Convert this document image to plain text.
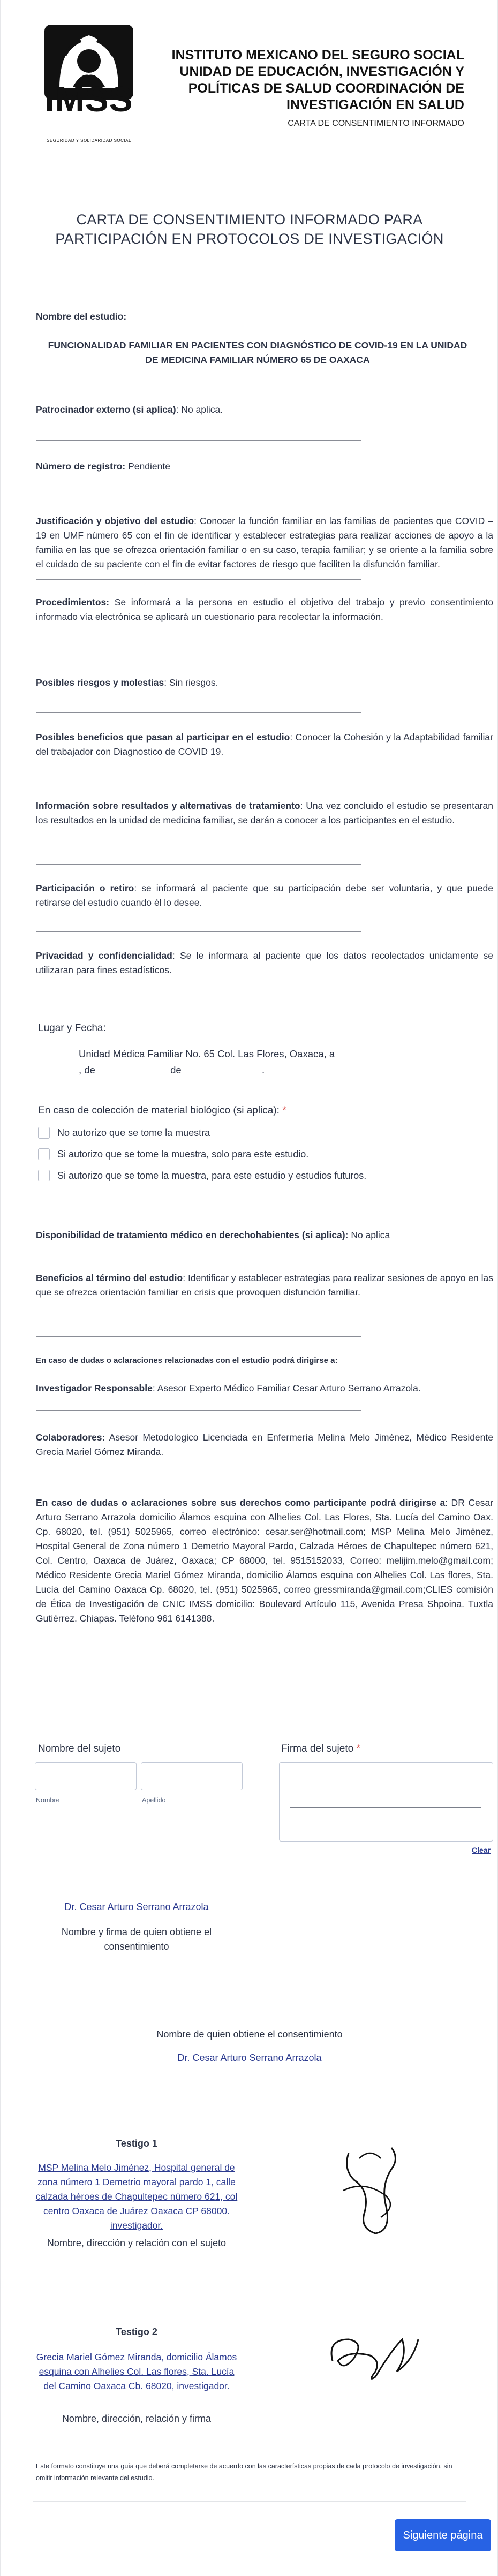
IMSS
SEGURIDAD Y SOLIDARIDAD SOCIAL
INSTITUTO MEXICANO DEL SEGURO SOCIAL UNIDAD DE EDUCACIÓN, INVESTIGACIÓN Y POLÍTICAS DE SALUD COORDINACIÓN DE INVESTIGACIÓN EN SALUD
CARTA DE CONSENTIMIENTO INFORMADO
CARTA DE CONSENTIMIENTO INFORMADO PARA PARTICIPACIÓN EN PROTOCOLOS DE INVESTIGACIÓN
Nombre del estudio:
FUNCIONALIDAD FAMILIAR EN PACIENTES CON DIAGNÓSTICO DE COVID-19 EN LA UNIDAD DE MEDICINA FAMILIAR NÚMERO 65 DE OAXACA
Patrocinador externo (si aplica): No aplica.
Número de registro: Pendiente
Justificación y objetivo del estudio: Conocer la función familiar en las familias de pacientes que COVID – 19 en UMF número 65 con el fin de identificar y establecer estrategias para realizar acciones de apoyo a la familia en las que se ofrezca orientación familiar o en su caso, terapia familiar; y se oriente a la familia sobre el cuidado de su paciente con el fin de evitar factores de riesgo que faciliten la disfunción familiar.
Procedimientos: Se informará a la persona en estudio el objetivo del trabajo y previo consentimiento informado vía electrónica se aplicará un cuestionario para recolectar la información.
Posibles riesgos y molestias: Sin riesgos.
Posibles beneficios que pasan al participar en el estudio: Conocer la Cohesión y la Adaptabilidad familiar del trabajador con Diagnostico de COVID 19.
Información sobre resultados y alternativas de tratamiento: Una vez concluido el estudio se presentaran los resultados en la unidad de medicina familiar, se darán a conocer a los participantes en el estudio.
Participación o retiro: se informará al paciente que su participación debe ser voluntaria, y que puede retirarse del estudio cuando él lo desee.
Privacidad y confidencialidad: Se le informara al paciente que los datos recolectados unidamente se utilizaran para fines estadísticos.
Lugar y Fecha:
Unidad Médica Familiar No. 65 Col. Las Flores, Oaxaca, a

, de	de	.
En caso de colección de material biológico (si aplica): *
No autorizo que se tome la muestra
Si autorizo que se tome la muestra, solo para este estudio.
Si autorizo que se tome la muestra, para este estudio y estudios futuros.
Disponibilidad de tratamiento médico en derechohabientes (si aplica): No aplica
Beneficios al término del estudio: Identificar y establecer estrategias para realizar sesiones de apoyo en las que se ofrezca orientación familiar en crisis que provoquen disfunción familiar.
En caso de dudas o aclaraciones relacionadas con el estudio podrá dirigirse a:
Investigador Responsable: Asesor Experto Médico Familiar Cesar Arturo Serrano Arrazola.
Colaboradores: Asesor Metodologico Licenciada en Enfermería Melina Melo Jiménez, Médico Residente Grecia Mariel Gómez Miranda.
En caso de dudas o aclaraciones sobre sus derechos como participante podrá dirigirse a: DR Cesar Arturo Serrano Arrazola domicilio Álamos esquina con Alhelies Col. Las Flores, Sta. Lucía del Camino Oax. Cp. 68020, tel. (951) 5025965, correo electrónico: cesar.ser@hotmail.com; MSP Melina Melo Jiménez, Hospital General de Zona número 1 Demetrio Mayoral Pardo, Calzada Héroes de Chapultepec número 621, Col. Centro, Oaxaca de Juárez, Oaxaca; CP 68000, tel. 9515152033, Correo: melijim.melo@gmail.com; Médico Residente Grecia Mariel Gómez Miranda, domicilio Álamos esquina con Alhelies Col. Las flores, Sta. Lucía del Camino Oaxaca Cp. 68020, tel. (951) 5025965, correo gressmiranda@gmail.com;CLIES comisión de Ética de Investigación de CNIC IMSS domicilio: Boulevard Artículo 115, Avenida Presa Shpoina. Tuxtla Gutiérrez. Chiapas. Teléfono 961 6141388.
Nombre del sujeto
Nombre	Apellido
Firma del sujeto *
Clear
Dr. Cesar Arturo Serrano Arrazola
Nombre y firma de quien obtiene el consentimiento
Nombre de quien obtiene el consentimiento
Dr. Cesar Arturo Serrano Arrazola
Testigo 1
MSP Melina Melo Jiménez, Hospital general de zona número 1 Demetrio mayoral pardo 1, calle calzada héroes de Chapultepec número 621, col centro Oaxaca de Juárez Oaxaca CP 68000. investigador.
Nombre, dirección y relación con el sujeto
Testigo 2
Grecia Mariel Gómez Miranda, domicilio Álamos esquina con Alhelies Col. Las flores, Sta. Lucía del Camino Oaxaca Cb. 68020, investigador.
Nombre, dirección, relación y firma
Este formato constituye una guía que deberá completarse de acuerdo con las características propias de cada protocolo de investigación, sin omitir información relevante del estudio.
Siguiente página
